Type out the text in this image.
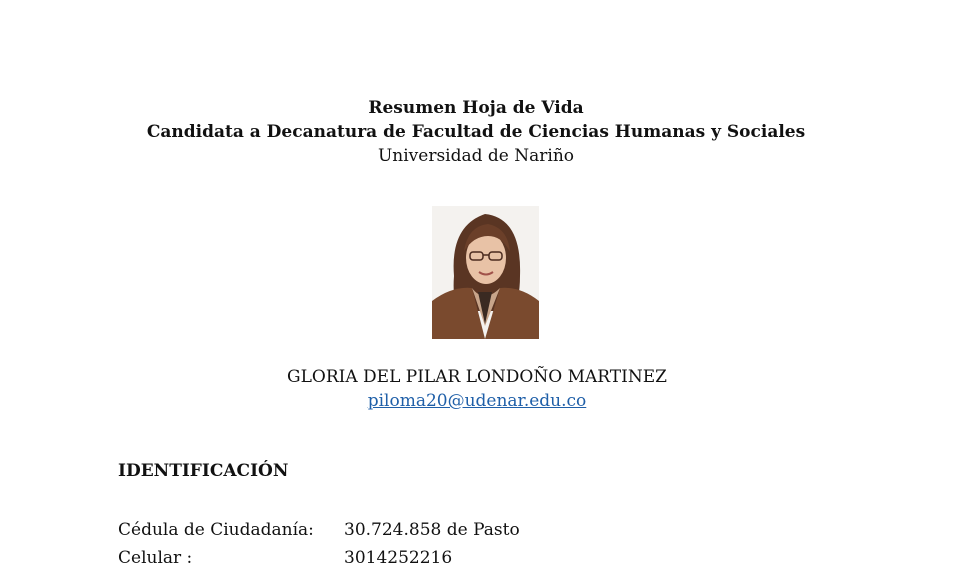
Resumen Hoja de Vida
Candidata a Decanatura de Facultad de Ciencias Humanas y Sociales
Universidad de Nariño
GLORIA DEL PILAR LONDOÑO MARTINEZ
piloma20@udenar.edu.co
IDENTIFICACIÓN
Cédula de Ciudadanía: 30.724.858 de Pasto
Celular :	3014252216
